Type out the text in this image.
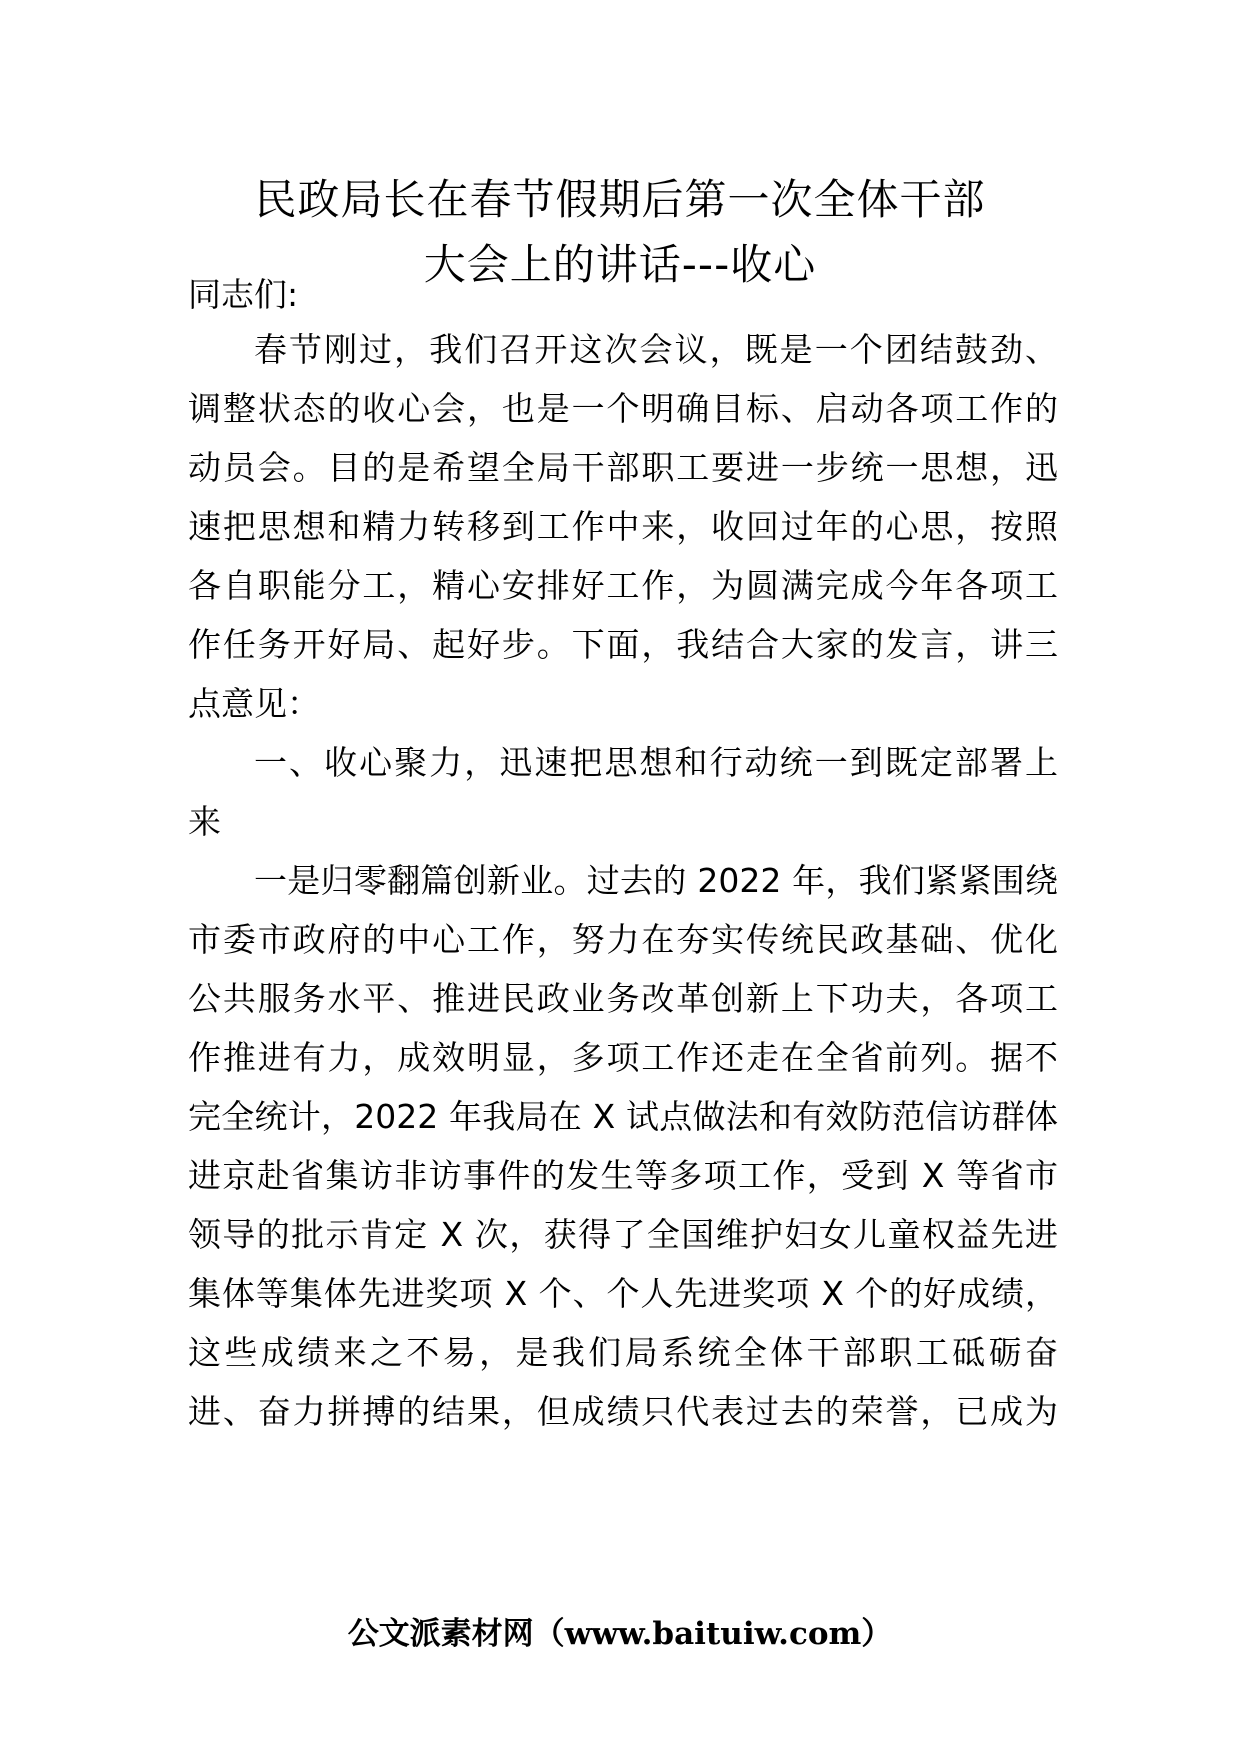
民政局长在春节假期后第一次全体干部
大会上的讲话---收心
同志们:
春节刚过，我们召开这次会议，既是一个团结鼓劲、
调整状态的收心会，也是一个明确目标、启动各项工作的
动员会。目的是希望全局干部职工要进一步统一思想，迅
速把思想和精力转移到工作中来，收回过年的心思，按照
各自职能分工，精心安排好工作，为圆满完成今年各项工
作任务开好局、起好步。下面，我结合大家的发言，讲三
点意见：
一、收心聚力，迅速把思想和行动统一到既定部署上
来
一是归零翻篇创新业。过去的 2022 年，我们紧紧围绕
市委市政府的中心工作，努力在夯实传统民政基础、优化
公共服务水平、推进民政业务改革创新上下功夫，各项工
作推进有力，成效明显，多项工作还走在全省前列。据不
完全统计，2022 年我局在 X 试点做法和有效防范信访群体
进京赴省集访非访事件的发生等多项工作，受到 X 等省市
领导的批示肯定 X 次，获得了全国维护妇女儿童权益先进
集体等集体先进奖项 X 个、个人先进奖项 X 个的好成绩，
这些成绩来之不易，是我们局系统全体干部职工砥砺奋
进、奋力拼搏的结果，但成绩只代表过去的荣誉，已成为
公文派素材网（www.baituiw.com）
